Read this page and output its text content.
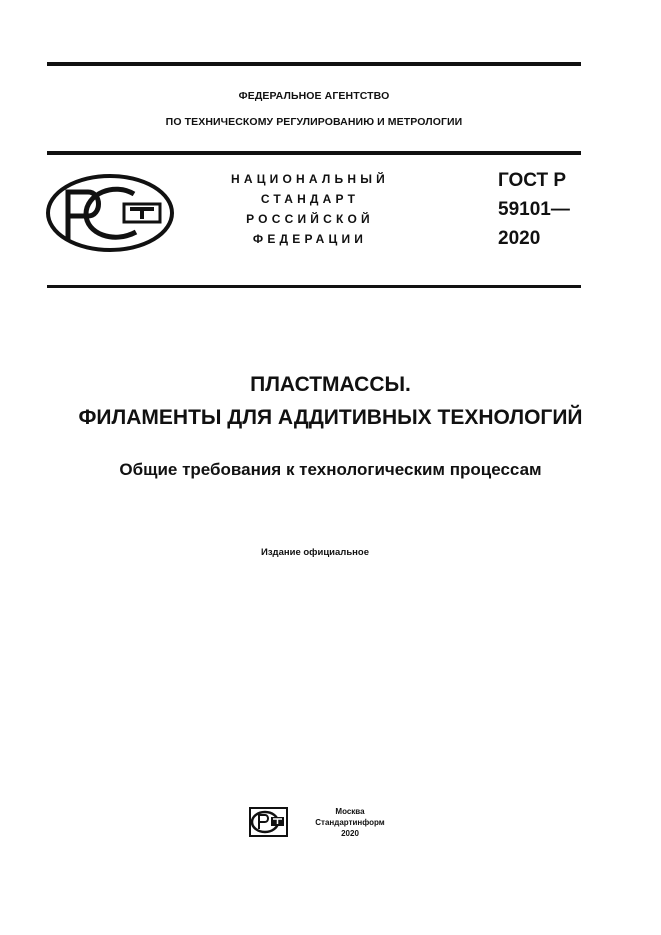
ФЕДЕРАЛЬНОЕ АГЕНТСТВО
ПО ТЕХНИЧЕСКОМУ РЕГУЛИРОВАНИЮ И МЕТРОЛОГИИ
НАЦИОНАЛЬНЫЙ
СТАНДАРТ
РОССИЙСКОЙ
ФЕДЕРАЦИИ
ГОСТ Р
59101—
2020
ПЛАСТМАССЫ.
ФИЛАМЕНТЫ ДЛЯ АДДИТИВНЫХ ТЕХНОЛОГИЙ
Общие требования к технологическим процессам
Издание официальное
Москва
Стандартинформ
2020
